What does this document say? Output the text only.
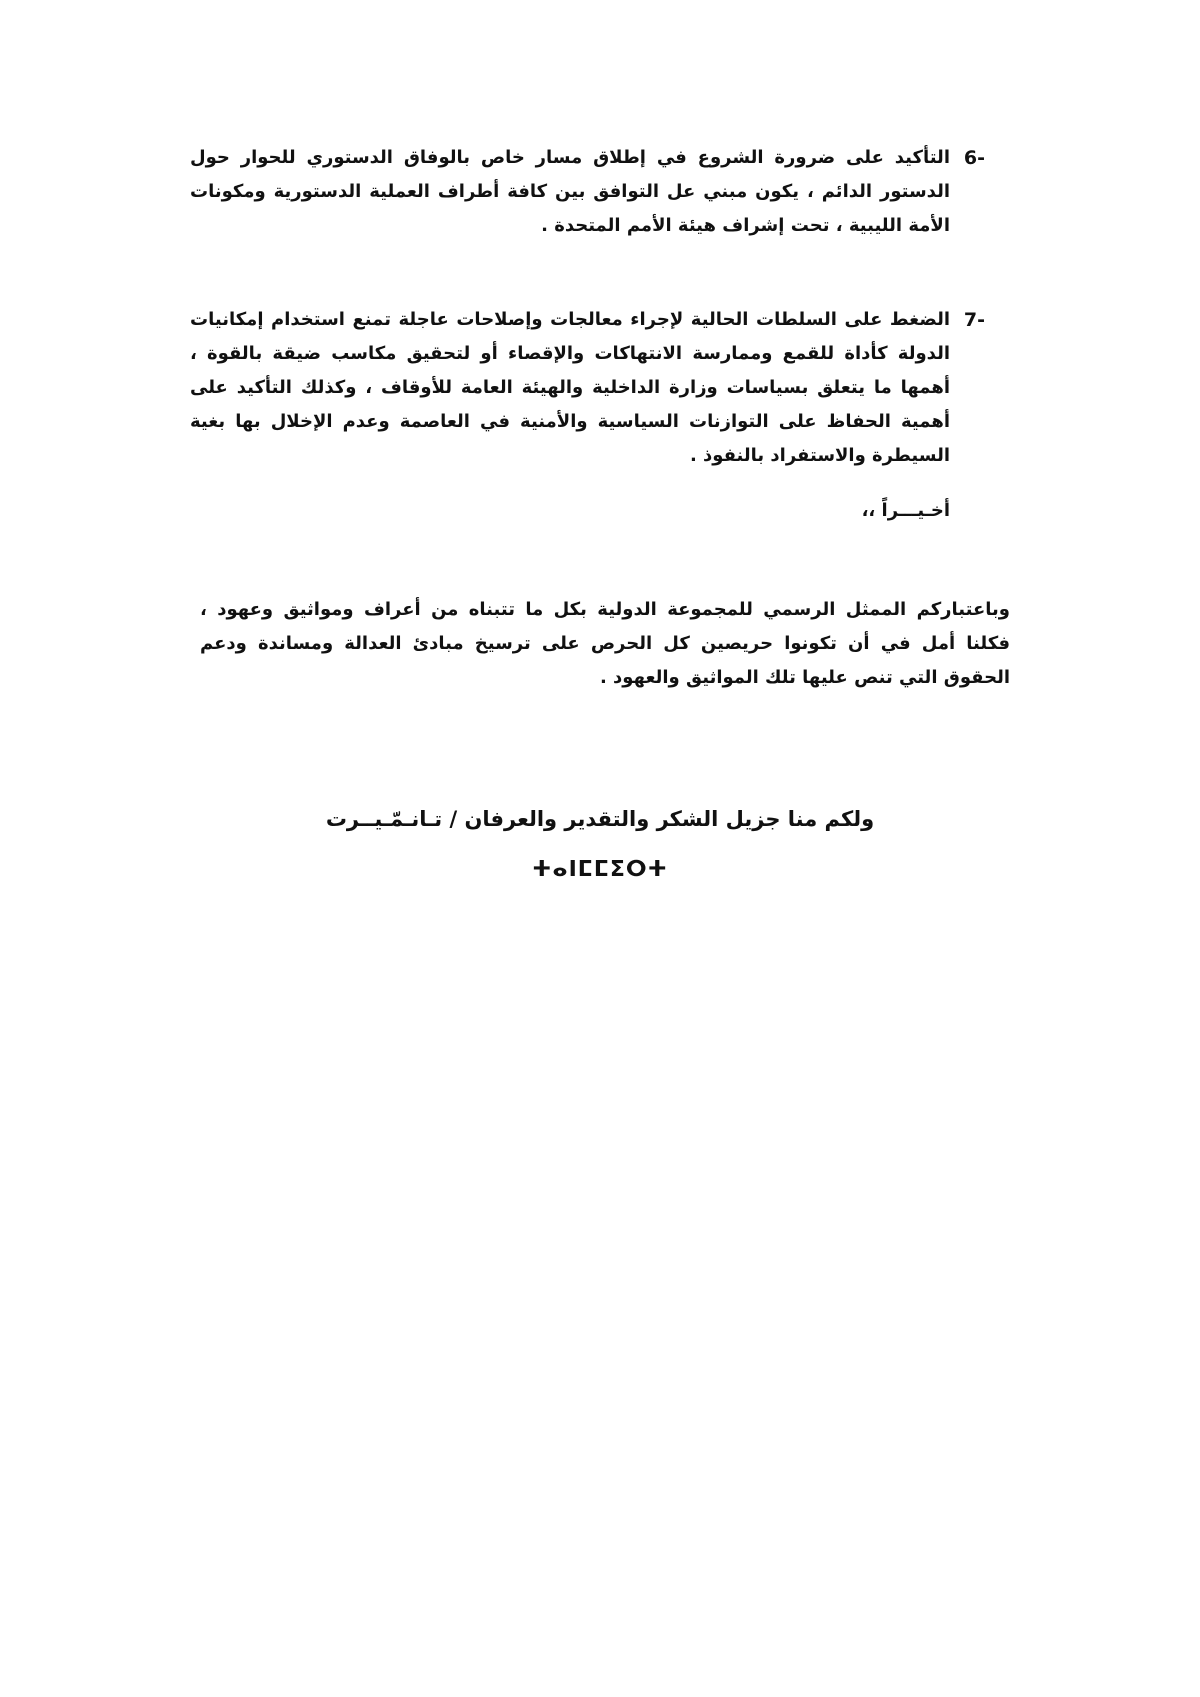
6-
التأكيد على ضرورة الشروع في إطلاق مسار خاص بالوفاق الدستوري للحوار حول الدستور الدائم ، يكون مبني عل التوافق بين كافة أطراف العملية الدستورية ومكونات الأمة الليبية ، تحت إشراف هيئة الأمم المتحدة .
7-
الضغط على السلطات الحالية لإجراء معالجات وإصلاحات عاجلة تمنع استخدام إمكانيات الدولة كأداة للقمع وممارسة الانتهاكات والإقصاء أو لتحقيق مكاسب ضيقة بالقوة ، أهمها ما يتعلق بسياسات وزارة الداخلية والهيئة العامة للأوقاف ، وكذلك التأكيد على أهمية الحفاظ على التوازنات السياسية والأمنية في العاصمة وعدم الإخلال بها بغية السيطرة والاستفراد بالنفوذ .
أخـيـــراً ،،
وباعتباركم الممثل الرسمي للمجموعة الدولية بكل ما تتبناه من أعراف ومواثيق وعهود ، فكلنا أمل في أن تكونوا حريصين كل الحرص على ترسيخ مبادئ العدالة ومساندة ودعم الحقوق التي تنص عليها تلك المواثيق والعهود .
ولكم منا جزيل الشكر والتقدير والعرفان / تـانـمّـيــرت
ⵜⴰⵏⵎⵎⵉⵔⵜ
